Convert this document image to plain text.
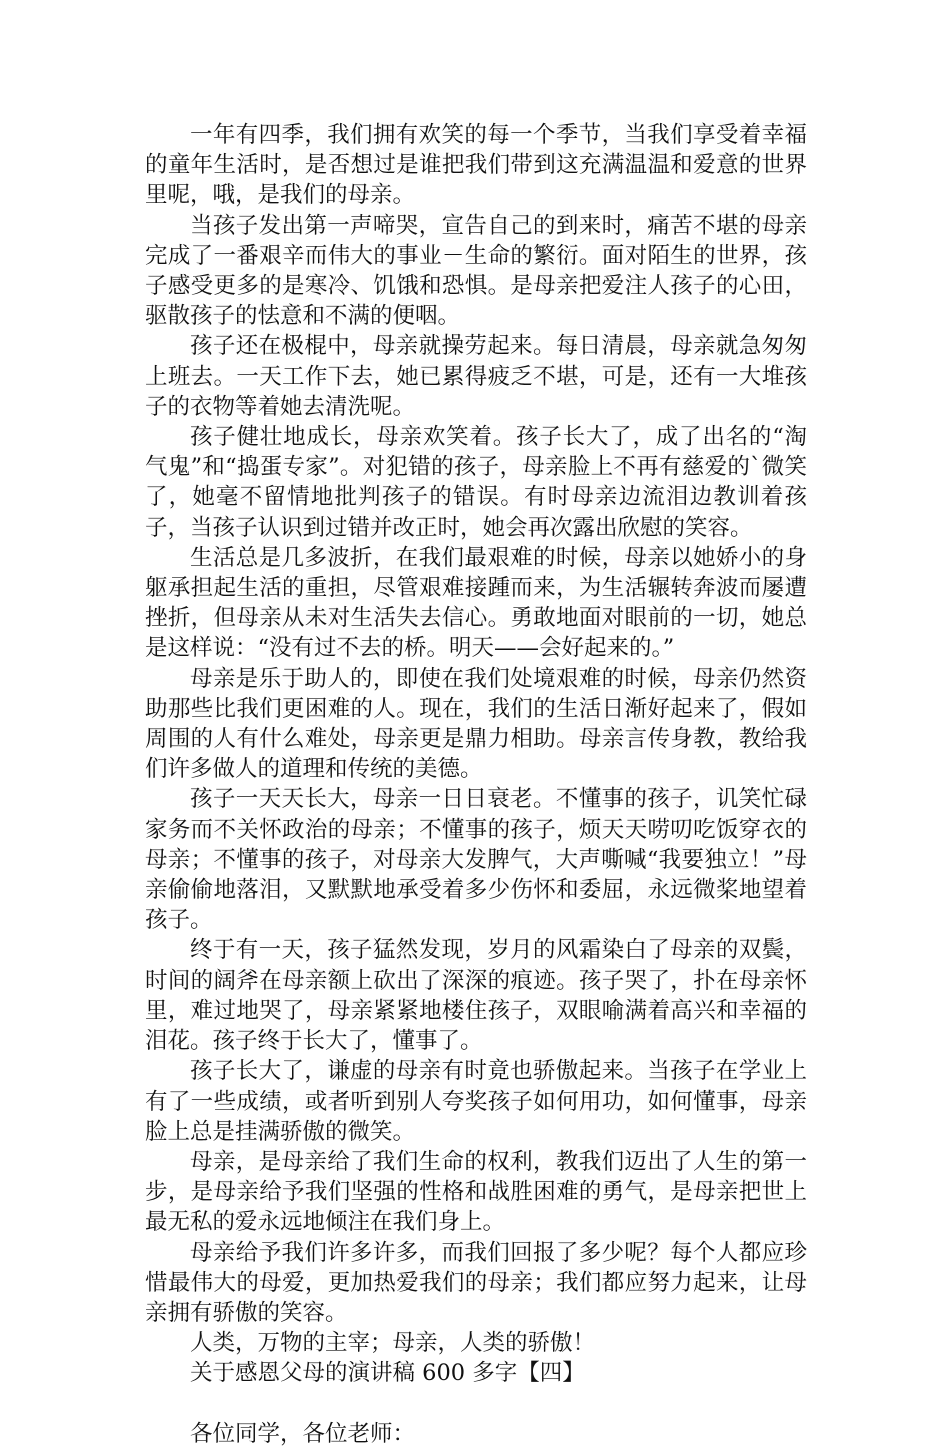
一年有四季，我们拥有欢笑的每一个季节，当我们享受着幸福的童年生活时，是否想过是谁把我们带到这充满温温和爱意的世界里呢，哦，是我们的母亲。

当孩子发出第一声啼哭，宣告自己的到来时，痛苦不堪的母亲完成了一番艰辛而伟大的事业－生命的繁衍。面对陌生的世界，孩子感受更多的是寒冷、饥饿和恐惧。是母亲把爱注人孩子的心田，驱散孩子的怯意和不满的便咽。

孩子还在极棍中，母亲就操劳起来。每日清晨，母亲就急匆匆上班去。一天工作下去，她已累得疲乏不堪，可是，还有一大堆孩子的衣物等着她去清洗呢。

孩子健壮地成长，母亲欢笑着。孩子长大了，成了出名的“淘气鬼”和“捣蛋专家”。对犯错的孩子，母亲脸上不再有慈爱的`微笑了，她毫不留情地批判孩子的错误。有时母亲边流泪边教训着孩子，当孩子认识到过错并改正时，她会再次露出欣慰的笑容。

生活总是几多波折，在我们最艰难的时候，母亲以她娇小的身躯承担起生活的重担，尽管艰难接踵而来，为生活辗转奔波而屡遭挫折，但母亲从未对生活失去信心。勇敢地面对眼前的一切，她总是这样说：“没有过不去的桥。明天——会好起来的。”

母亲是乐于助人的，即使在我们处境艰难的时候，母亲仍然资助那些比我们更困难的人。现在，我们的生活日渐好起来了，假如周围的人有什么难处，母亲更是鼎力相助。母亲言传身教，教给我们许多做人的道理和传统的美德。

孩子一天天长大，母亲一日日衰老。不懂事的孩子，讥笑忙碌家务而不关怀政治的母亲；不懂事的孩子，烦天天唠叨吃饭穿衣的母亲；不懂事的孩子，对母亲大发脾气，大声嘶喊“我要独立！”母亲偷偷地落泪，又默默地承受着多少伤怀和委屈，永远微桨地望着孩子。

终于有一天，孩子猛然发现，岁月的风霜染白了母亲的双鬓，时间的阔斧在母亲额上砍出了深深的痕迹。孩子哭了，扑在母亲怀里，难过地哭了，母亲紧紧地楼住孩子，双眼喻满着高兴和幸福的泪花。孩子终于长大了，懂事了。

孩子长大了，谦虚的母亲有时竟也骄傲起来。当孩子在学业上有了一些成绩，或者听到别人夸奖孩子如何用功，如何懂事，母亲脸上总是挂满骄傲的微笑。

母亲，是母亲给了我们生命的权利，教我们迈出了人生的第一步，是母亲给予我们坚强的性格和战胜困难的勇气，是母亲把世上最无私的爱永远地倾注在我们身上。

母亲给予我们许多许多，而我们回报了多少呢？每个人都应珍惜最伟大的母爱，更加热爱我们的母亲；我们都应努力起来，让母亲拥有骄傲的笑容。

人类，万物的主宰；母亲，人类的骄傲！

关于感恩父母的演讲稿 600 多字【四】

各位同学，各位老师：
